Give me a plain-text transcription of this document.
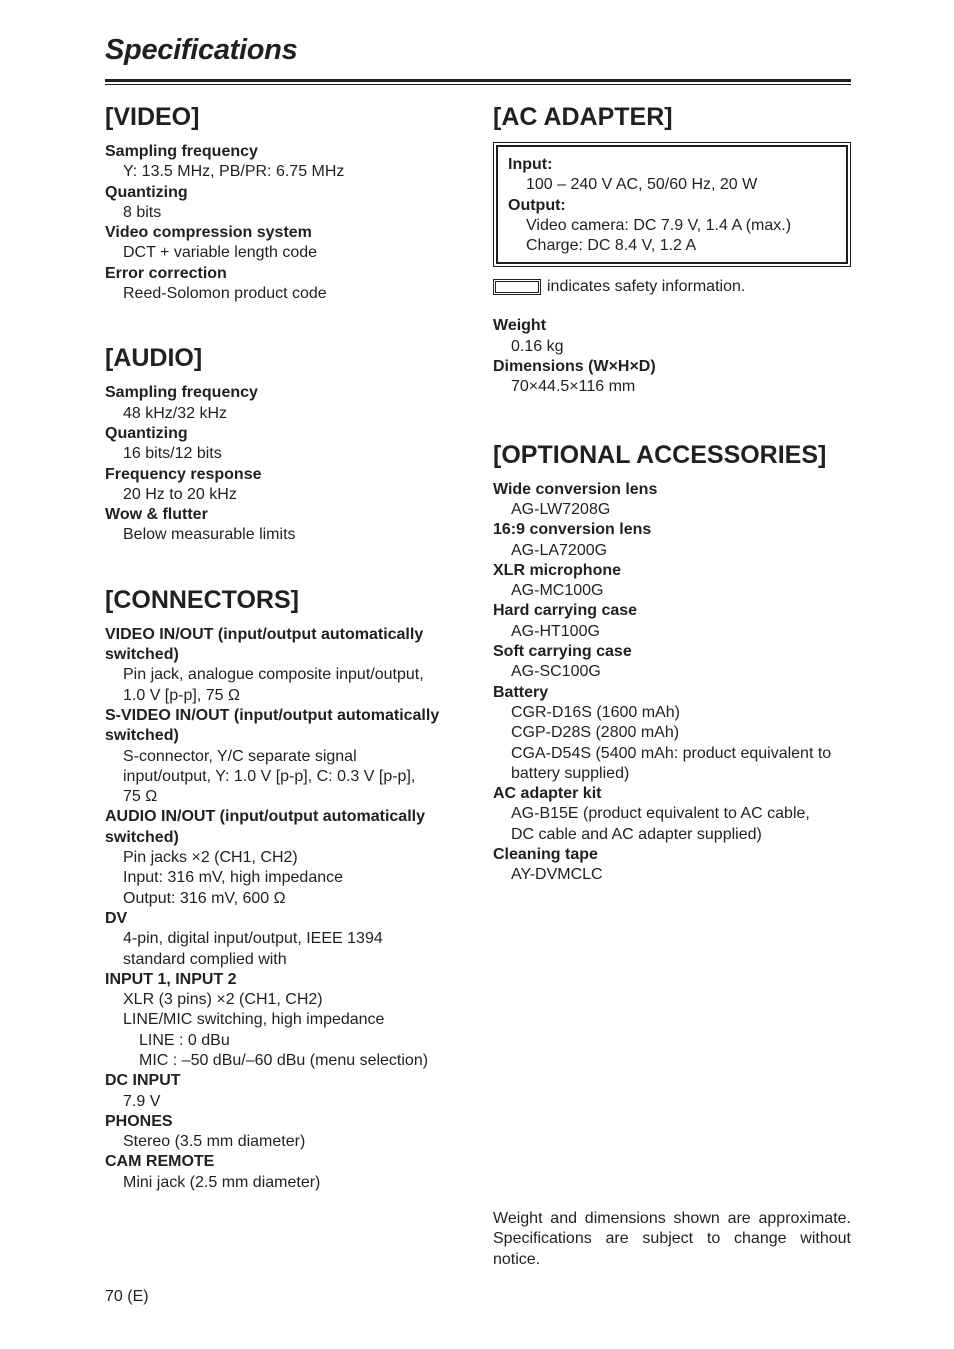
Specifications
[VIDEO]
Sampling frequency
Y: 13.5 MHz, PB/PR: 6.75 MHz
Quantizing
8 bits
Video compression system
DCT + variable length code
Error correction
Reed-Solomon product code
[AUDIO]
Sampling frequency
48 kHz/32 kHz
Quantizing
16 bits/12 bits
Frequency response
20 Hz to 20 kHz
Wow & flutter
Below measurable limits
[CONNECTORS]
VIDEO IN/OUT (input/output automatically
switched)
Pin jack, analogue composite input/output,
1.0 V [p-p], 75 Ω
S-VIDEO IN/OUT (input/output automatically
switched)
S-connector, Y/C separate signal
input/output, Y: 1.0 V [p-p], C: 0.3 V [p-p],
75 Ω
AUDIO IN/OUT (input/output automatically
switched)
Pin jacks ×2 (CH1, CH2)
Input: 316 mV, high impedance
Output: 316 mV, 600 Ω
DV
4-pin, digital input/output, IEEE 1394
standard complied with
INPUT 1, INPUT 2
XLR (3 pins) ×2 (CH1, CH2)
LINE/MIC switching, high impedance
LINE : 0 dBu
MIC : –50 dBu/–60 dBu (menu selection)
DC INPUT
7.9 V
PHONES
Stereo (3.5 mm diameter)
CAM REMOTE
Mini jack (2.5 mm diameter)
[AC ADAPTER]
Input:
100 – 240 V AC, 50/60 Hz, 20 W
Output:
Video camera: DC 7.9 V, 1.4 A (max.)
Charge: DC 8.4 V, 1.2 A
indicates safety information.
Weight
0.16 kg
Dimensions (W×H×D)
70×44.5×116 mm
[OPTIONAL ACCESSORIES]
Wide conversion lens
AG-LW7208G
16:9 conversion lens
AG-LA7200G
XLR microphone
AG-MC100G
Hard carrying case
AG-HT100G
Soft carrying case
AG-SC100G
Battery
CGR-D16S (1600 mAh)
CGP-D28S (2800 mAh)
CGA-D54S (5400 mAh: product equivalent to
battery supplied)
AC adapter kit
AG-B15E (product equivalent to AC cable,
DC cable and AC adapter supplied)
Cleaning tape
AY-DVMCLC
Weight and dimensions shown are approximate. Specifications are subject to change without notice.
70 (E)
